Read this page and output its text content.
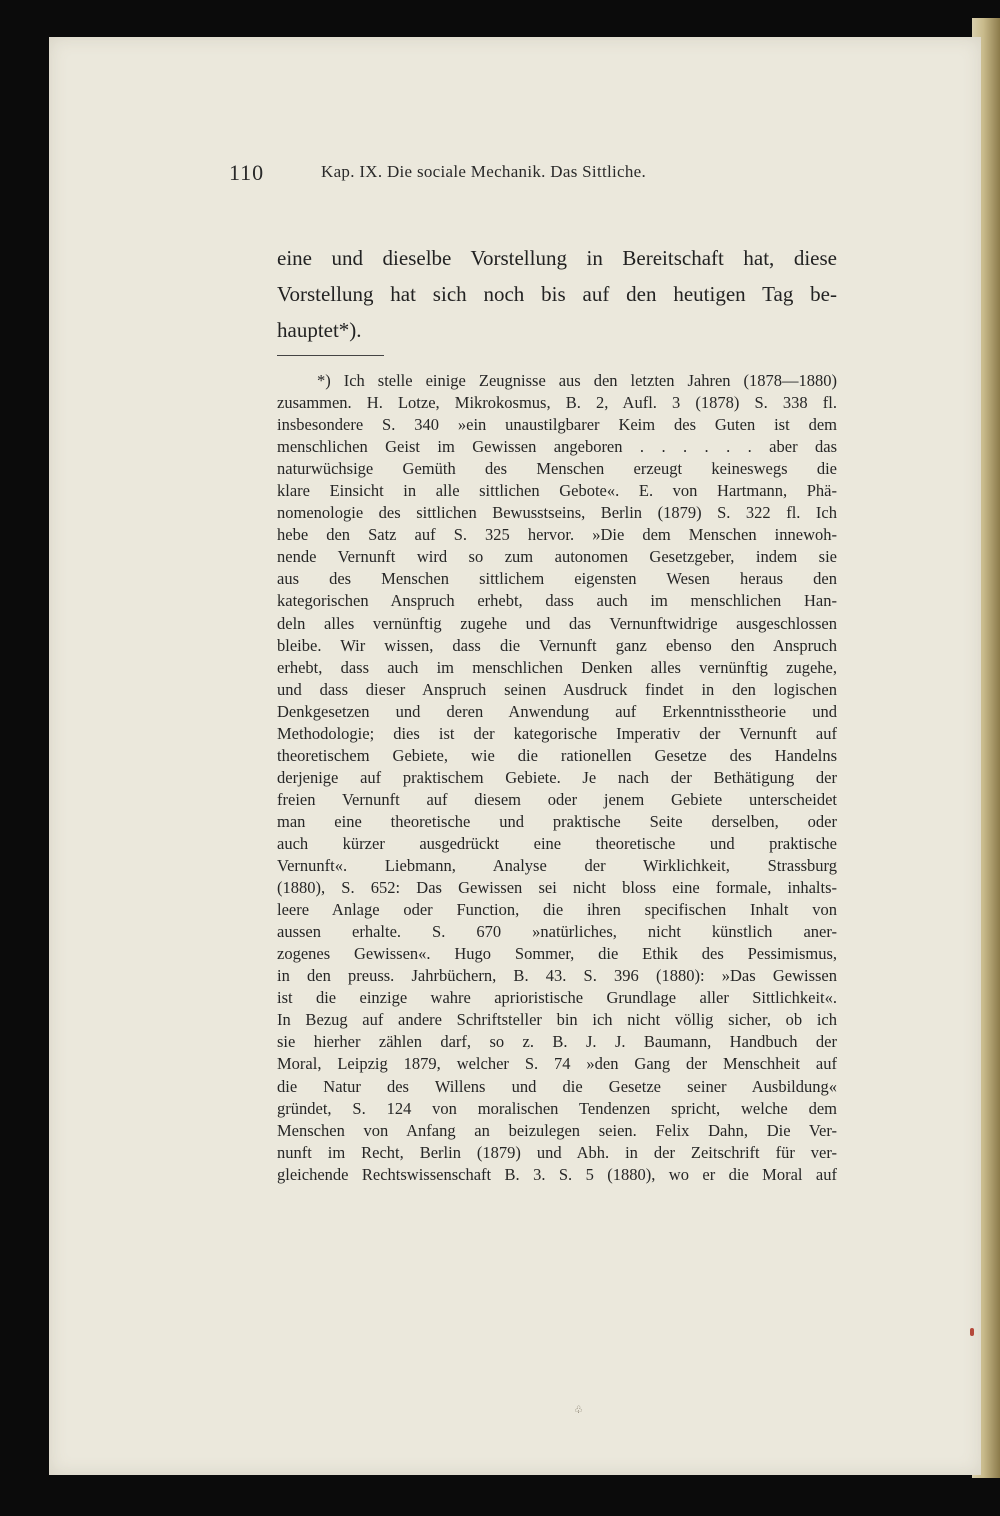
110	Kap. IX. Die sociale Mechanik. Das Sittliche.
eine und dieselbe Vorstellung in Bereitschaft hat, diese
Vorstellung hat sich noch bis auf den heutigen Tag be-
hauptet*).
*) Ich stelle einige Zeugnisse aus den letzten Jahren (1878—1880)
zusammen. H. Lotze, Mikrokosmus, B. 2, Aufl. 3 (1878) S. 338 fl.
insbesondere S. 340 »ein unaustilgbarer Keim des Guten ist dem
menschlichen Geist im Gewissen angeboren . . . . . . aber das
naturwüchsige Gemüth des Menschen erzeugt keineswegs die
klare Einsicht in alle sittlichen Gebote«. E. von Hartmann, Phä-
nomenologie des sittlichen Bewusstseins, Berlin (1879) S. 322 fl. Ich
hebe den Satz auf S. 325 hervor. »Die dem Menschen innewoh-
nende Vernunft wird so zum autonomen Gesetzgeber, indem sie
aus des Menschen sittlichem eigensten Wesen heraus den
kategorischen Anspruch erhebt, dass auch im menschlichen Han-
deln alles vernünftig zugehe und das Vernunftwidrige ausgeschlossen
bleibe. Wir wissen, dass die Vernunft ganz ebenso den Anspruch
erhebt, dass auch im menschlichen Denken alles vernünftig zugehe,
und dass dieser Anspruch seinen Ausdruck findet in den logischen
Denkgesetzen und deren Anwendung auf Erkenntnisstheorie und
Methodologie; dies ist der kategorische Imperativ der Vernunft auf
theoretischem Gebiete, wie die rationellen Gesetze des Handelns
derjenige auf praktischem Gebiete. Je nach der Bethätigung der
freien Vernunft auf diesem oder jenem Gebiete unterscheidet
man eine theoretische und praktische Seite derselben, oder
auch kürzer ausgedrückt eine theoretische und praktische
Vernunft«. Liebmann, Analyse der Wirklichkeit, Strassburg
(1880), S. 652: Das Gewissen sei nicht bloss eine formale, inhalts-
leere Anlage oder Function, die ihren specifischen Inhalt von
aussen erhalte. S. 670 »natürliches, nicht künstlich aner-
zogenes Gewissen«. Hugo Sommer, die Ethik des Pessimismus,
in den preuss. Jahrbüchern, B. 43. S. 396 (1880): »Das Gewissen
ist die einzige wahre aprioristische Grundlage aller Sittlichkeit«.
In Bezug auf andere Schriftsteller bin ich nicht völlig sicher, ob ich
sie hierher zählen darf, so z. B. J. J. Baumann, Handbuch der
Moral, Leipzig 1879, welcher S. 74 »den Gang der Menschheit auf
die Natur des Willens und die Gesetze seiner Ausbildung«
gründet, S. 124 von moralischen Tendenzen spricht, welche dem
Menschen von Anfang an beizulegen seien. Felix Dahn, Die Ver-
nunft im Recht, Berlin (1879) und Abh. in der Zeitschrift für ver-
gleichende Rechtswissenschaft B. 3. S. 5 (1880), wo er die Moral auf
♧
